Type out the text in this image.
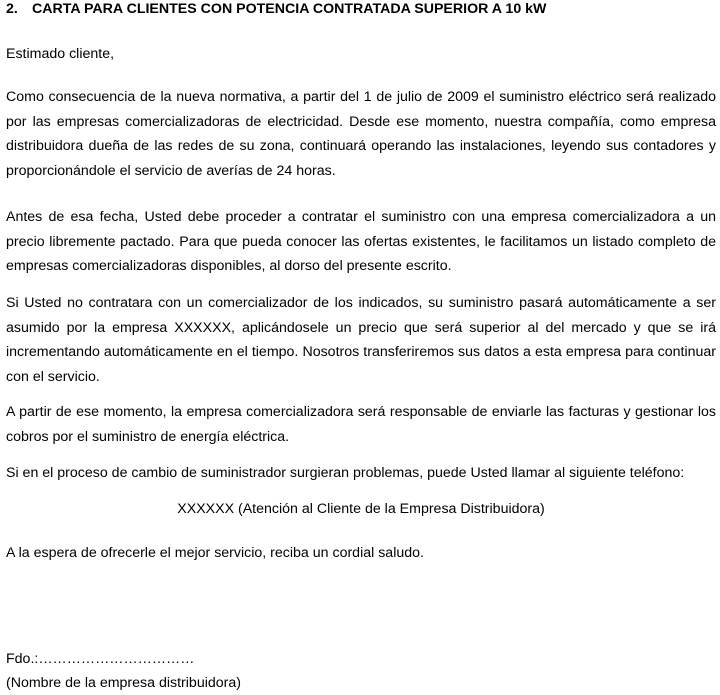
2. CARTA PARA CLIENTES CON POTENCIA CONTRATADA SUPERIOR A 10 kW
Estimado cliente,
Como consecuencia de la nueva normativa, a partir del 1 de julio de 2009 el suministro eléctrico será realizado por las empresas comercializadoras de electricidad. Desde ese momento, nuestra compañía, como empresa distribuidora dueña de las redes de su zona, continuará operando las instalaciones, leyendo sus contadores y proporcionándole el servicio de averías de 24 horas.
Antes de esa fecha, Usted debe proceder a contratar el suministro con una empresa comercializadora a un precio libremente pactado. Para que pueda conocer las ofertas existentes, le facilitamos un listado completo de empresas comercializadoras disponibles, al dorso del presente escrito.
Si Usted no contratara con un comercializador de los indicados, su suministro pasará automáticamente a ser asumido por la empresa XXXXXX, aplicándosele un precio que será superior al del mercado y que se irá incrementando automáticamente en el tiempo. Nosotros transferiremos sus datos a esta empresa para continuar con el servicio.
A partir de ese momento, la empresa comercializadora será responsable de enviarle las facturas y gestionar los cobros por el suministro de energía eléctrica.
Si en el proceso de cambio de suministrador surgieran problemas, puede Usted llamar al siguiente teléfono:
XXXXXX (Atención al Cliente de la Empresa Distribuidora)
A la espera de ofrecerle el mejor servicio, reciba un cordial saludo.
Fdo.:……………………………
(Nombre de la empresa distribuidora)
